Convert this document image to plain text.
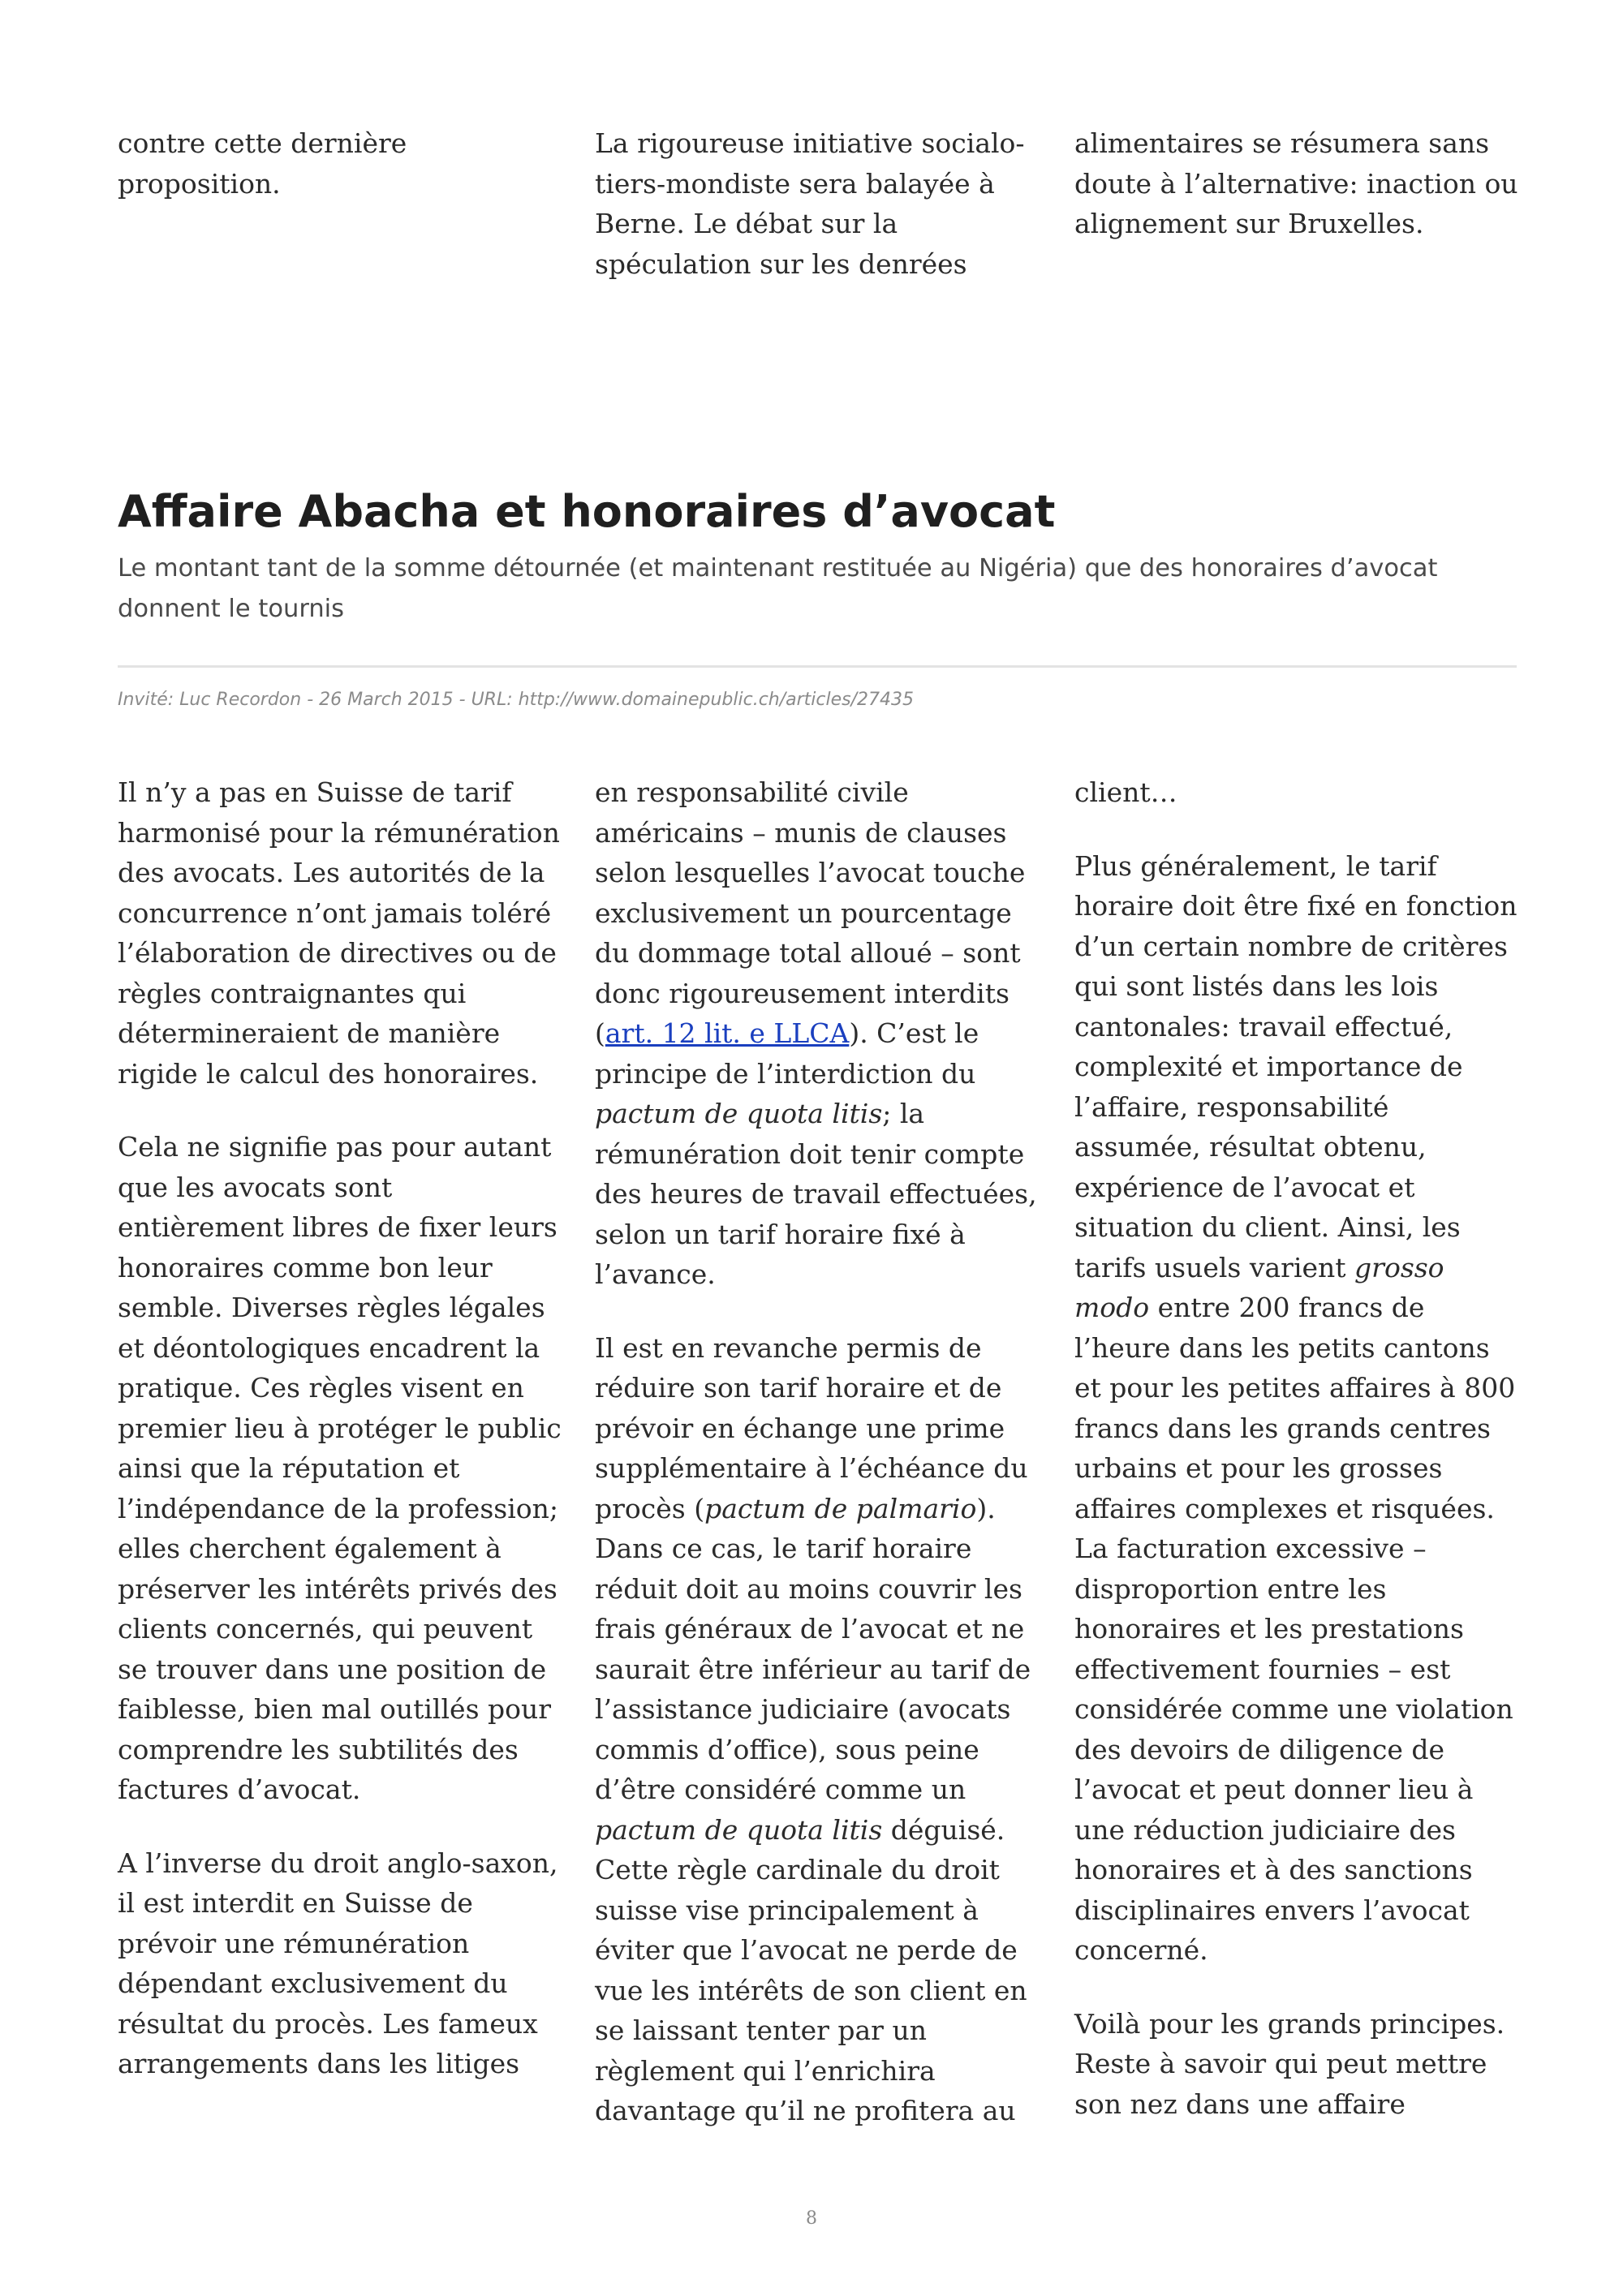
contre cette dernière proposition.

La rigoureuse initiative socialo-tiers-mondiste sera balayée à Berne. Le débat sur la spéculation sur les denrées

alimentaires se résumera sans doute à l’alternative: inaction ou alignement sur Bruxelles.

Affaire Abacha et honoraires d’avocat

Le montant tant de la somme détournée (et maintenant restituée au Nigéria) que des honoraires d’avocat donnent le tournis

Invité: Luc Recordon - 26 March 2015 - URL: http://www.domainepublic.ch/articles/27435

Il n’y a pas en Suisse de tarif harmonisé pour la rémunération des avocats. Les autorités de la concurrence n’ont jamais toléré l’élaboration de directives ou de règles contraignantes qui détermineraient de manière rigide le calcul des honoraires.

Cela ne signifie pas pour autant que les avocats sont entièrement libres de fixer leurs honoraires comme bon leur semble. Diverses règles légales et déontologiques encadrent la pratique. Ces règles visent en premier lieu à protéger le public ainsi que la réputation et l’indépendance de la profession; elles cherchent également à préserver les intérêts privés des clients concernés, qui peuvent se trouver dans une position de faiblesse, bien mal outillés pour comprendre les subtilités des factures d’avocat.

A l’inverse du droit anglo-saxon, il est interdit en Suisse de prévoir une rémunération dépendant exclusivement du résultat du procès. Les fameux arrangements dans les litiges

en responsabilité civile américains – munis de clauses selon lesquelles l’avocat touche exclusivement un pourcentage du dommage total alloué – sont donc rigoureusement interdits (art. 12 lit. e LLCA). C’est le principe de l’interdiction du pactum de quota litis; la rémunération doit tenir compte des heures de travail effectuées, selon un tarif horaire fixé à l’avance.

Il est en revanche permis de réduire son tarif horaire et de prévoir en échange une prime supplémentaire à l’échéance du procès (pactum de palmario). Dans ce cas, le tarif horaire réduit doit au moins couvrir les frais généraux de l’avocat et ne saurait être inférieur au tarif de l’assistance judiciaire (avocats commis d’office), sous peine d’être considéré comme un pactum de quota litis déguisé. Cette règle cardinale du droit suisse vise principalement à éviter que l’avocat ne perde de vue les intérêts de son client en se laissant tenter par un règlement qui l’enrichira davantage qu’il ne profitera au

client…

Plus généralement, le tarif horaire doit être fixé en fonction d’un certain nombre de critères qui sont listés dans les lois cantonales: travail effectué, complexité et importance de l’affaire, responsabilité assumée, résultat obtenu, expérience de l’avocat et situation du client. Ainsi, les tarifs usuels varient grosso modo entre 200 francs de l’heure dans les petits cantons et pour les petites affaires à 800 francs dans les grands centres urbains et pour les grosses affaires complexes et risquées. La facturation excessive – disproportion entre les honoraires et les prestations effectivement fournies – est considérée comme une violation des devoirs de diligence de l’avocat et peut donner lieu à une réduction judiciaire des honoraires et à des sanctions disciplinaires envers l’avocat concerné.

Voilà pour les grands principes. Reste à savoir qui peut mettre son nez dans une affaire

8
